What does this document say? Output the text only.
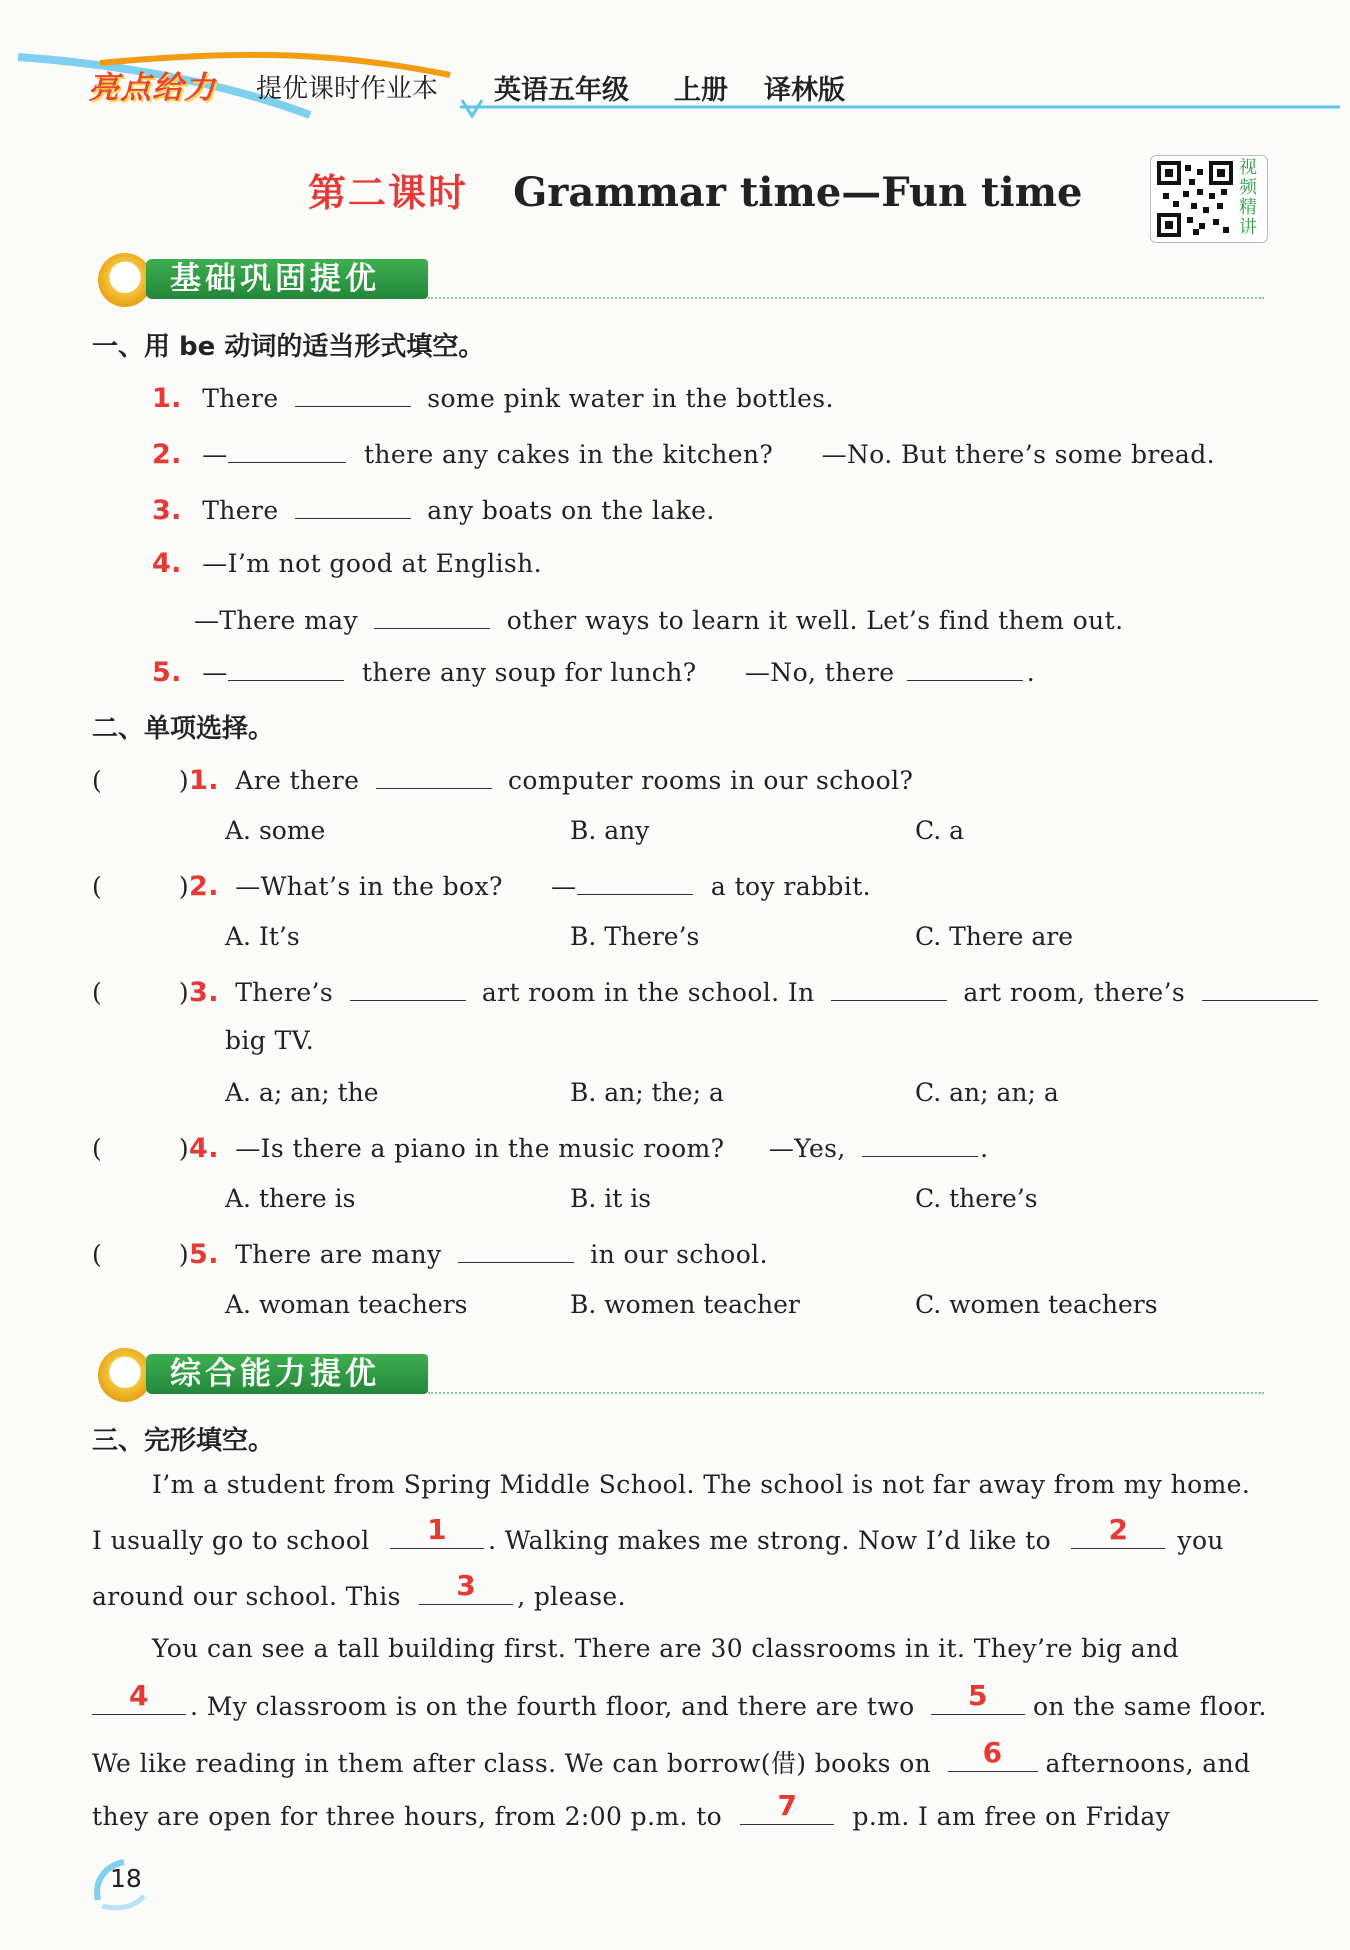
亮点给力 提优课时作业本 英语五年级 上册 译林版
第二课时 Grammar time—Fun time
视频精讲
基础巩固提优
一、用 be 动词的适当形式填空。
1. There	some pink water in the bottles.
2. —	there any cakes in the kitchen? —No. But there’s some bread.
3. There	any boats on the lake.
4. —I’m not good at English.
—There may	other ways to learn it well. Let’s find them out.
5. —	there any soup for lunch? —No, there	.
二、单项选择。
(	)1. Are there	computer rooms in our school?
A. some	B. any	C. a
(	)2. —What’s in the box? —	a toy rabbit.
A. It’s	B. There’s	C. There are
(	)3. There’s	art room in the school. In	art room, there’s
big TV.
A. a; an; the	B. an; the; a	C. an; an; a
(	)4. —Is there a piano in the music room? —Yes,	.
A. there is	B. it is	C. there’s
(	)5. There are many	in our school.
A. woman teachers	B. women teacher	C. women teachers
综合能力提优
三、完形填空。
I’m a student from Spring Middle School. The school is not far away from my home.
I usually go to school	1	. Walking makes me strong. Now I’d like to	2	you
around our school. This	3	, please.
You can see a tall building first. There are 30 classrooms in it. They’re big and
4	. My classroom is on the fourth floor, and there are two	5	on the same floor.
We like reading in them after class. We can borrow(借) books on	6	afternoons, and
they are open for three hours, from 2:00 p.m. to	7	p.m. I am free on Friday
18
